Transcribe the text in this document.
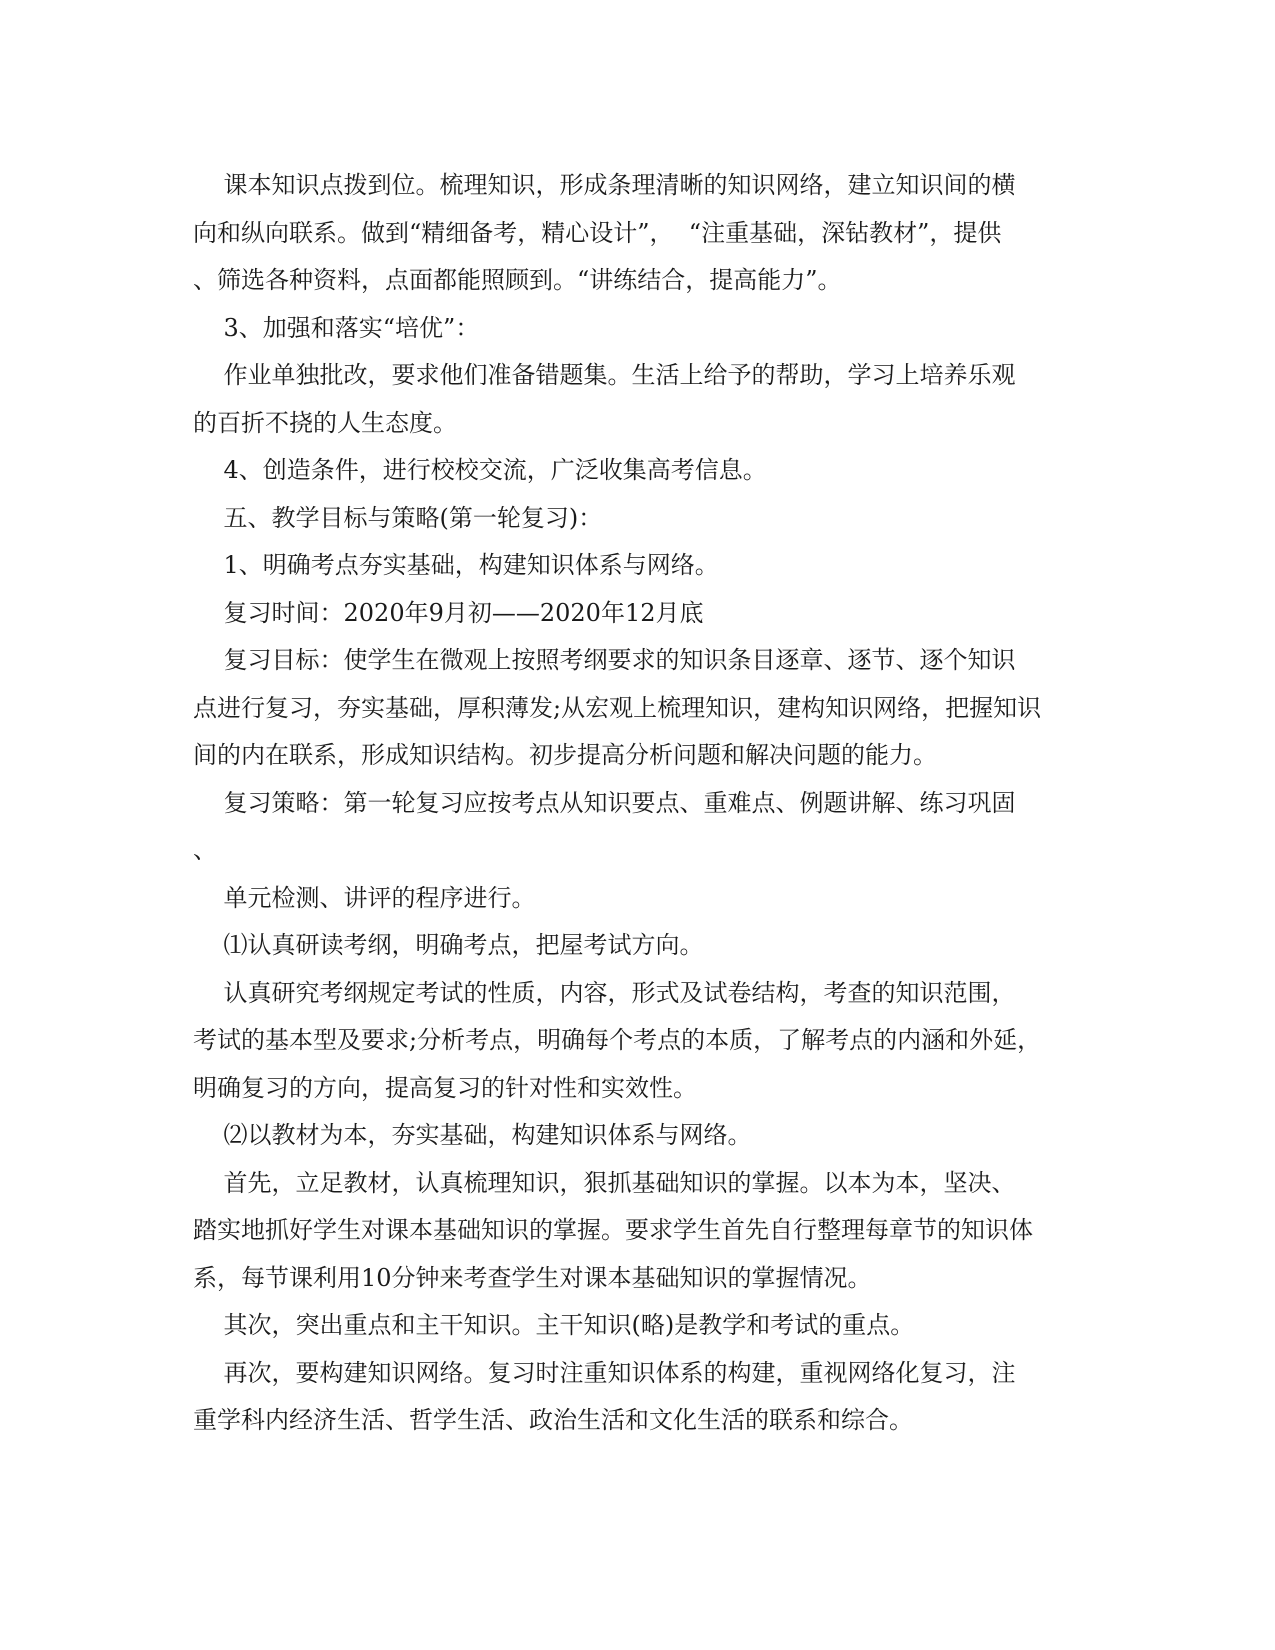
课本知识点拨到位。梳理知识，形成条理清晰的知识网络，建立知识间的横
向和纵向联系。做到“精细备考，精心设计”，  “注重基础，深钻教材”，提供
、筛选各种资料，点面都能照顾到。“讲练结合，提高能力”。
3、加强和落实“培优”：
作业单独批改，要求他们准备错题集。生活上给予的帮助，学习上培养乐观
的百折不挠的人生态度。
4、创造条件，进行校校交流，广泛收集高考信息。
五、教学目标与策略(第一轮复习)：
1、明确考点夯实基础，构建知识体系与网络。
复习时间：2020年9月初——2020年12月底
复习目标：使学生在微观上按照考纲要求的知识条目逐章、逐节、逐个知识
点进行复习，夯实基础，厚积薄发;从宏观上梳理知识，建构知识网络，把握知识
间的内在联系，形成知识结构。初步提高分析问题和解决问题的能力。
复习策略：第一轮复习应按考点从知识要点、重难点、例题讲解、练习巩固
、
单元检测、讲评的程序进行。
⑴认真研读考纲，明确考点，把屋考试方向。
认真研究考纲规定考试的性质，内容，形式及试卷结构，考查的知识范围，
考试的基本型及要求;分析考点，明确每个考点的本质，了解考点的内涵和外延，
明确复习的方向，提高复习的针对性和实效性。
⑵以教材为本，夯实基础，构建知识体系与网络。
首先，立足教材，认真梳理知识，狠抓基础知识的掌握。以本为本，坚决、
踏实地抓好学生对课本基础知识的掌握。要求学生首先自行整理每章节的知识体
系，每节课利用10分钟来考查学生对课本基础知识的掌握情况。
其次，突出重点和主干知识。主干知识(略)是教学和考试的重点。
再次，要构建知识网络。复习时注重知识体系的构建，重视网络化复习，注
重学科内经济生活、哲学生活、政治生活和文化生活的联系和综合。
